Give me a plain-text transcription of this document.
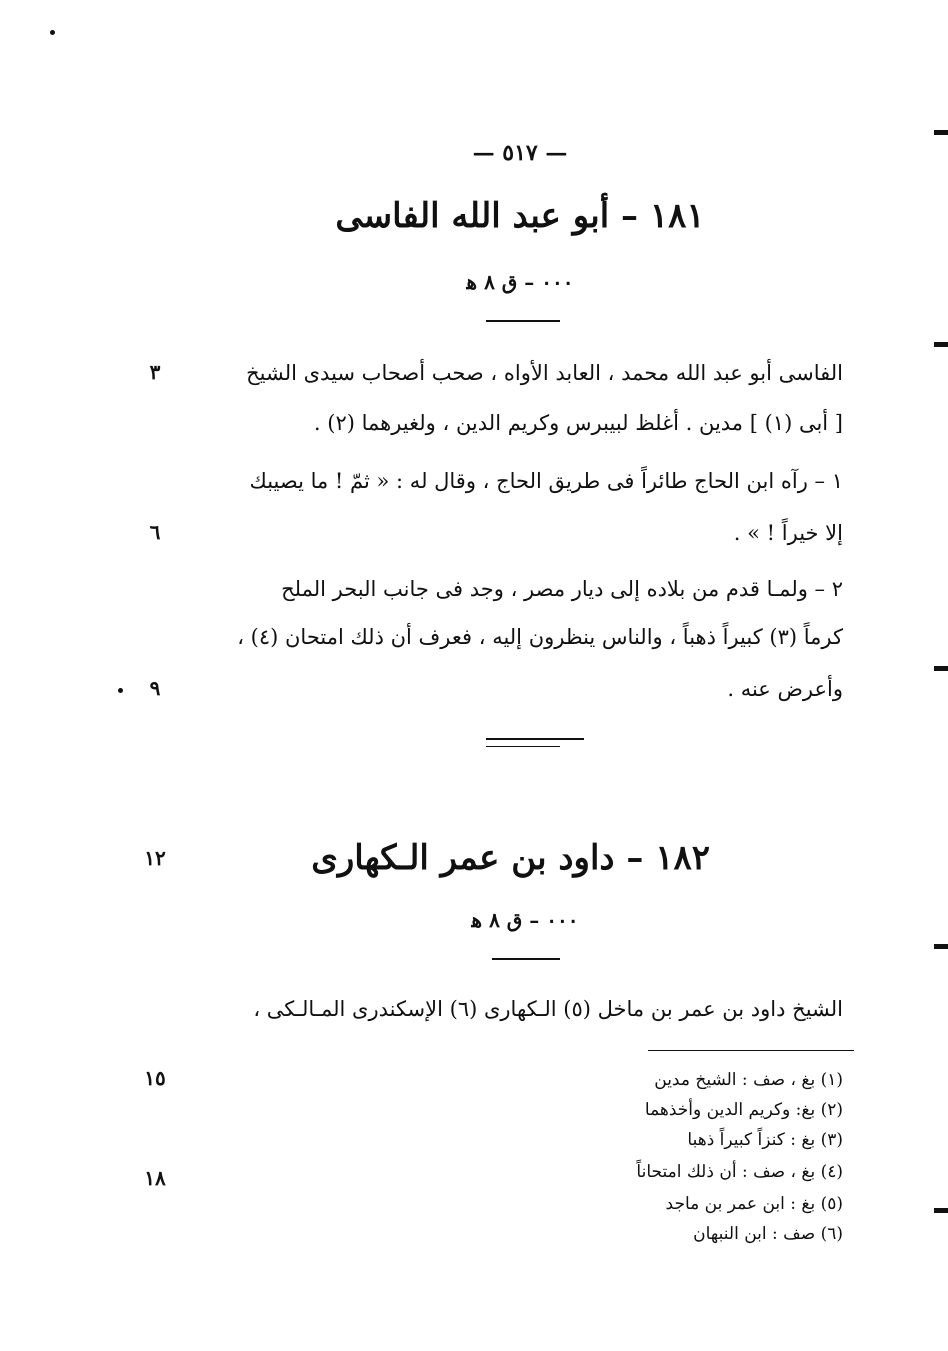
— ٥١٧ —
١٨١ – أبو عبد الله الفاسى
٠٠٠ – ق ٨ ﻫ
الفاسى أبو عبد الله محمد ، العابد الأواه ، صحب أصحاب سيدى الشيخ
[ أبى (١) ] مدين . أغلظ لبيبرس وكريم الدين ، ولغيرهما (٢) .
١ – رآه ابن الحاج طائراً فى طريق الحاج ، وقال له : « ثمّ ! ما يصيبك
إلا خيراً ! » .
٢ – ولمـا قدم من بلاده إلى ديار مصر ، وجد فى جانب البحر الملح
كرماً (٣) كبيراً ذهباً ، والناس ينظرون إليه ، فعرف أن ذلك امتحان (٤) ،
وأعرض عنه .
١٨٢ – داود بن عمر الـكهارى
٠٠٠ – ق ٨ ﻫ
الشيخ داود بن عمر بن ماخل (٥) الـكهارى (٦) الإسكندرى المـالـكى ،
٣
٦
٩
١٢
١٥
١٨
(١) بغ ، صف : الشيخ مدين
(٢) بغ: وكريم الدين وأخذهما
(٣) بغ : كنزاً كبيراً ذهبا
(٤) بغ ، صف : أن ذلك امتحاناً
(٥) بغ : ابن عمر بن ماجد
(٦) صف : ابن النبهان
